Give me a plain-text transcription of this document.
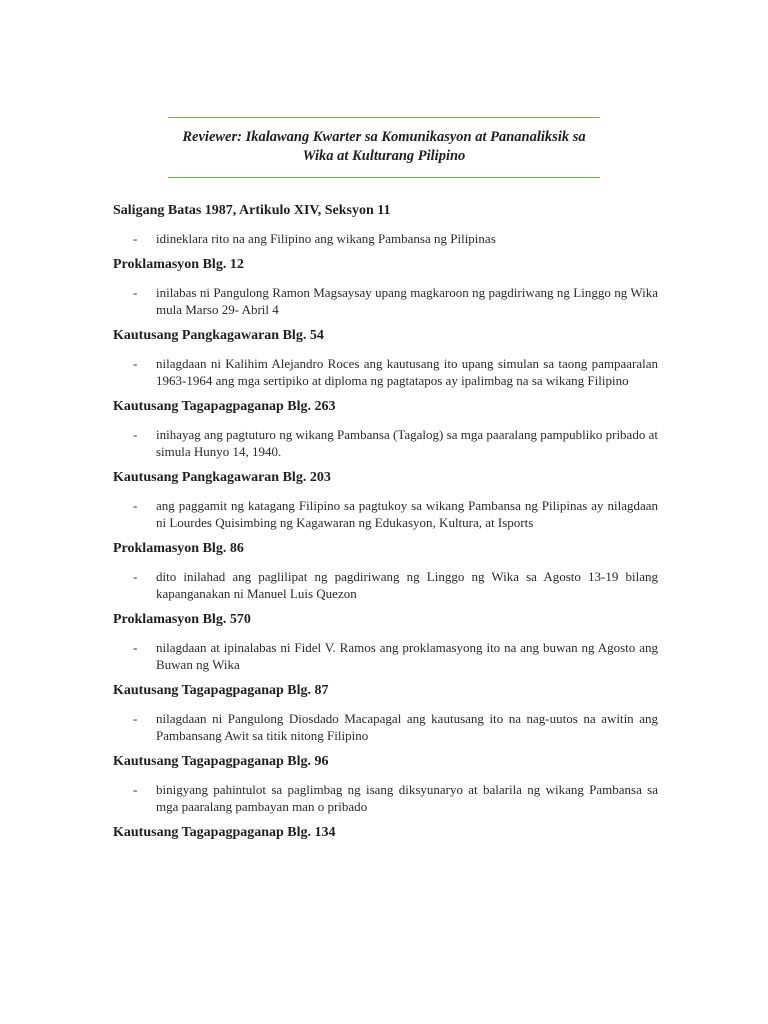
Reviewer: Ikalawang Kwarter sa Komunikasyon at Pananaliksik sa
Wika at Kulturang Pilipino
Saligang Batas 1987, Artikulo XIV, Seksyon 11
- idineklara rito na ang Filipino ang wikang Pambansa ng Pilipinas

Proklamasyon Blg. 12
- inilabas ni Pangulong Ramon Magsaysay upang magkaroon ng pagdiriwang ng Linggo ng Wika mula Marso 29- Abril 4

Kautusang Pangkagawaran Blg. 54
- nilagdaan ni Kalihim Alejandro Roces ang kautusang ito upang simulan sa taong pampaaralan 1963-1964 ang mga sertipiko at diploma ng pagtatapos ay ipalimbag na sa wikang Filipino

Kautusang Tagapagpaganap Blg. 263
- inihayag ang pagtuturo ng wikang Pambansa (Tagalog) sa mga paaralang pampubliko pribado at simula Hunyo 14, 1940.

Kautusang Pangkagawaran Blg. 203
- ang paggamit ng katagang Filipino sa pagtukoy sa wikang Pambansa ng Pilipinas ay nilagdaan ni Lourdes Quisimbing ng Kagawaran ng Edukasyon, Kultura, at Isports

Proklamasyon Blg. 86
- dito inilahad ang paglilipat ng pagdiriwang ng Linggo ng Wika sa Agosto 13-19 bilang kapanganakan ni Manuel Luis Quezon

Proklamasyon Blg. 570
- nilagdaan at ipinalabas ni Fidel V. Ramos ang proklamasyong ito na ang buwan ng Agosto ang Buwan ng Wika

Kautusang Tagapagpaganap Blg. 87
- nilagdaan ni Pangulong Diosdado Macapagal ang kautusang ito na nag-uutos na awitin ang Pambansang Awit sa titik nitong Filipino

Kautusang Tagapagpaganap Blg. 96
- binigyang pahintulot sa paglimbag ng isang diksyunaryo at balarila ng wikang Pambansa sa mga paaralang pambayan man o pribado

Kautusang Tagapagpaganap Blg. 134
